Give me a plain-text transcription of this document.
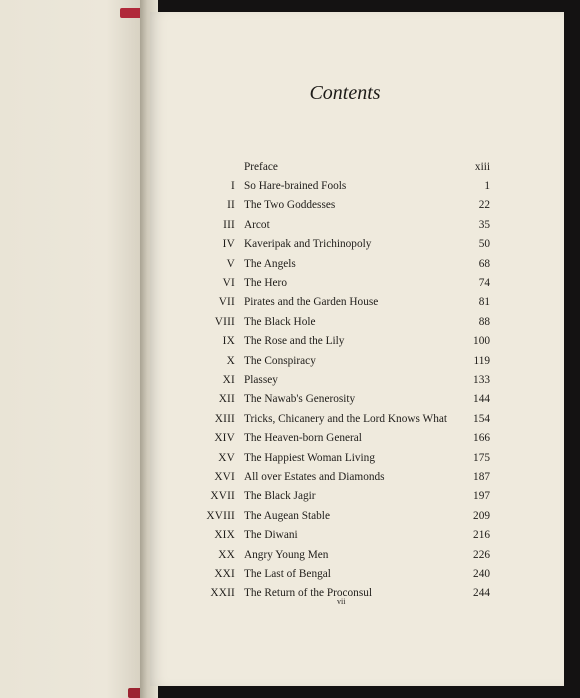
Contents
Preface	xiii
I So Hare-brained Fools	1
II The Two Goddesses	22
III Arcot	35
IV Kaveripak and Trichinopoly	50
V The Angels	68
VI The Hero	74
VII Pirates and the Garden House	81
VIII The Black Hole	88
IX The Rose and the Lily	100
X The Conspiracy	119
XI Plassey	133
XII The Nawab's Generosity	144
XIII Tricks, Chicanery and the Lord Knows What	154
XIV The Heaven-born General	166
XV The Happiest Woman Living	175
XVI All over Estates and Diamonds	187
XVII The Black Jagir	197
XVIII The Augean Stable	209
XIX The Diwani	216
XX Angry Young Men	226
XXI The Last of Bengal	240
XXII The Return of the Proconsul	244
vii
